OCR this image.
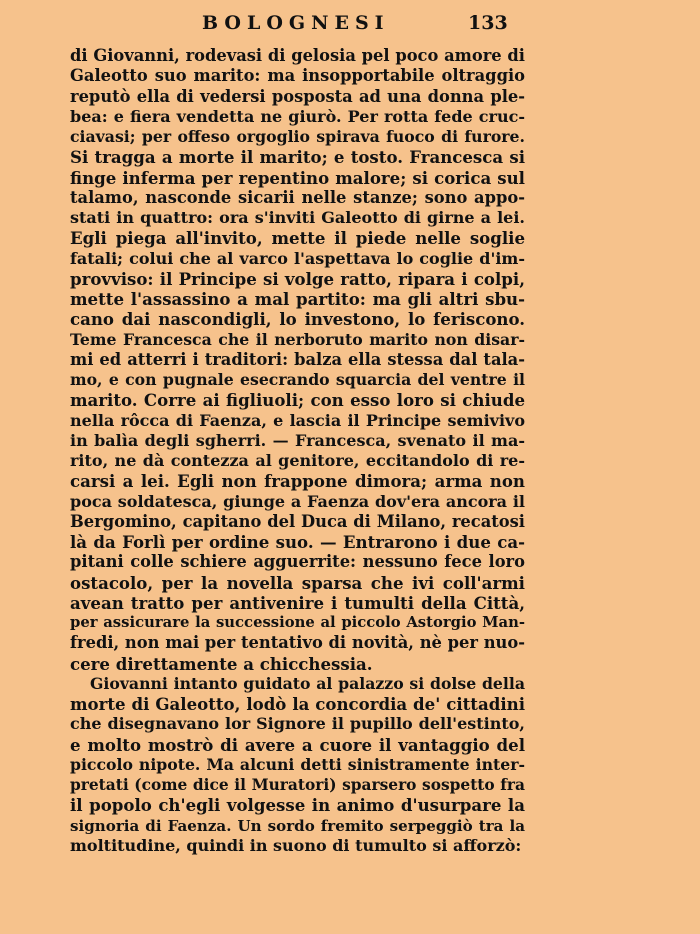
BOLOGNESI	133
di Giovanni, rodevasi di gelosia pel poco amore di
Galeotto suo marito: ma insopportabile oltraggio
reputò ella di vedersi posposta ad una donna ple-
bea: e fiera vendetta ne giurò. Per rotta fede cruc-
ciavasi; per offeso orgoglio spirava fuoco di furore.
Si tragga a morte il marito; e tosto. Francesca si
finge inferma per repentino malore; si corica sul
talamo, nasconde sicarii nelle stanze; sono appo-
stati in quattro: ora s'inviti Galeotto di girne a lei.
Egli piega all'invito, mette il piede nelle soglie
fatali; colui che al varco l'aspettava lo coglie d'im-
provviso: il Principe si volge ratto, ripara i colpi,
mette l'assassino a mal partito: ma gli altri sbu-
cano dai nascondigli, lo investono, lo feriscono.
Teme Francesca che il nerboruto marito non disar-
mi ed atterri i traditori: balza ella stessa dal tala-
mo, e con pugnale esecrando squarcia del ventre il
marito. Corre ai figliuoli; con esso loro si chiude
nella rôcca di Faenza, e lascia il Principe semivivo
in balìa degli sgherri. — Francesca, svenato il ma-
rito, ne dà contezza al genitore, eccitandolo di re-
carsi a lei. Egli non frappone dimora; arma non
poca soldatesca, giunge a Faenza dov'era ancora il
Bergomino, capitano del Duca di Milano, recatosi
là da Forlì per ordine suo. — Entrarono i due ca-
pitani colle schiere agguerrite: nessuno fece loro
ostacolo, per la novella sparsa che ivi coll'armi
avean tratto per antivenire i tumulti della Città,
per assicurare la successione al piccolo Astorgio Man-
fredi, non mai per tentativo di novità, nè per nuo-
cere direttamente a chicchessia.
Giovanni intanto guidato al palazzo si dolse della
morte di Galeotto, lodò la concordia de' cittadini
che disegnavano lor Signore il pupillo dell'estinto,
e molto mostrò di avere a cuore il vantaggio del
piccolo nipote. Ma alcuni detti sinistramente inter-
pretati (come dice il Muratori) sparsero sospetto fra
il popolo ch'egli volgesse in animo d'usurpare la
signoria di Faenza. Un sordo fremito serpeggiò tra la
moltitudine, quindi in suono di tumulto si afforzò:
